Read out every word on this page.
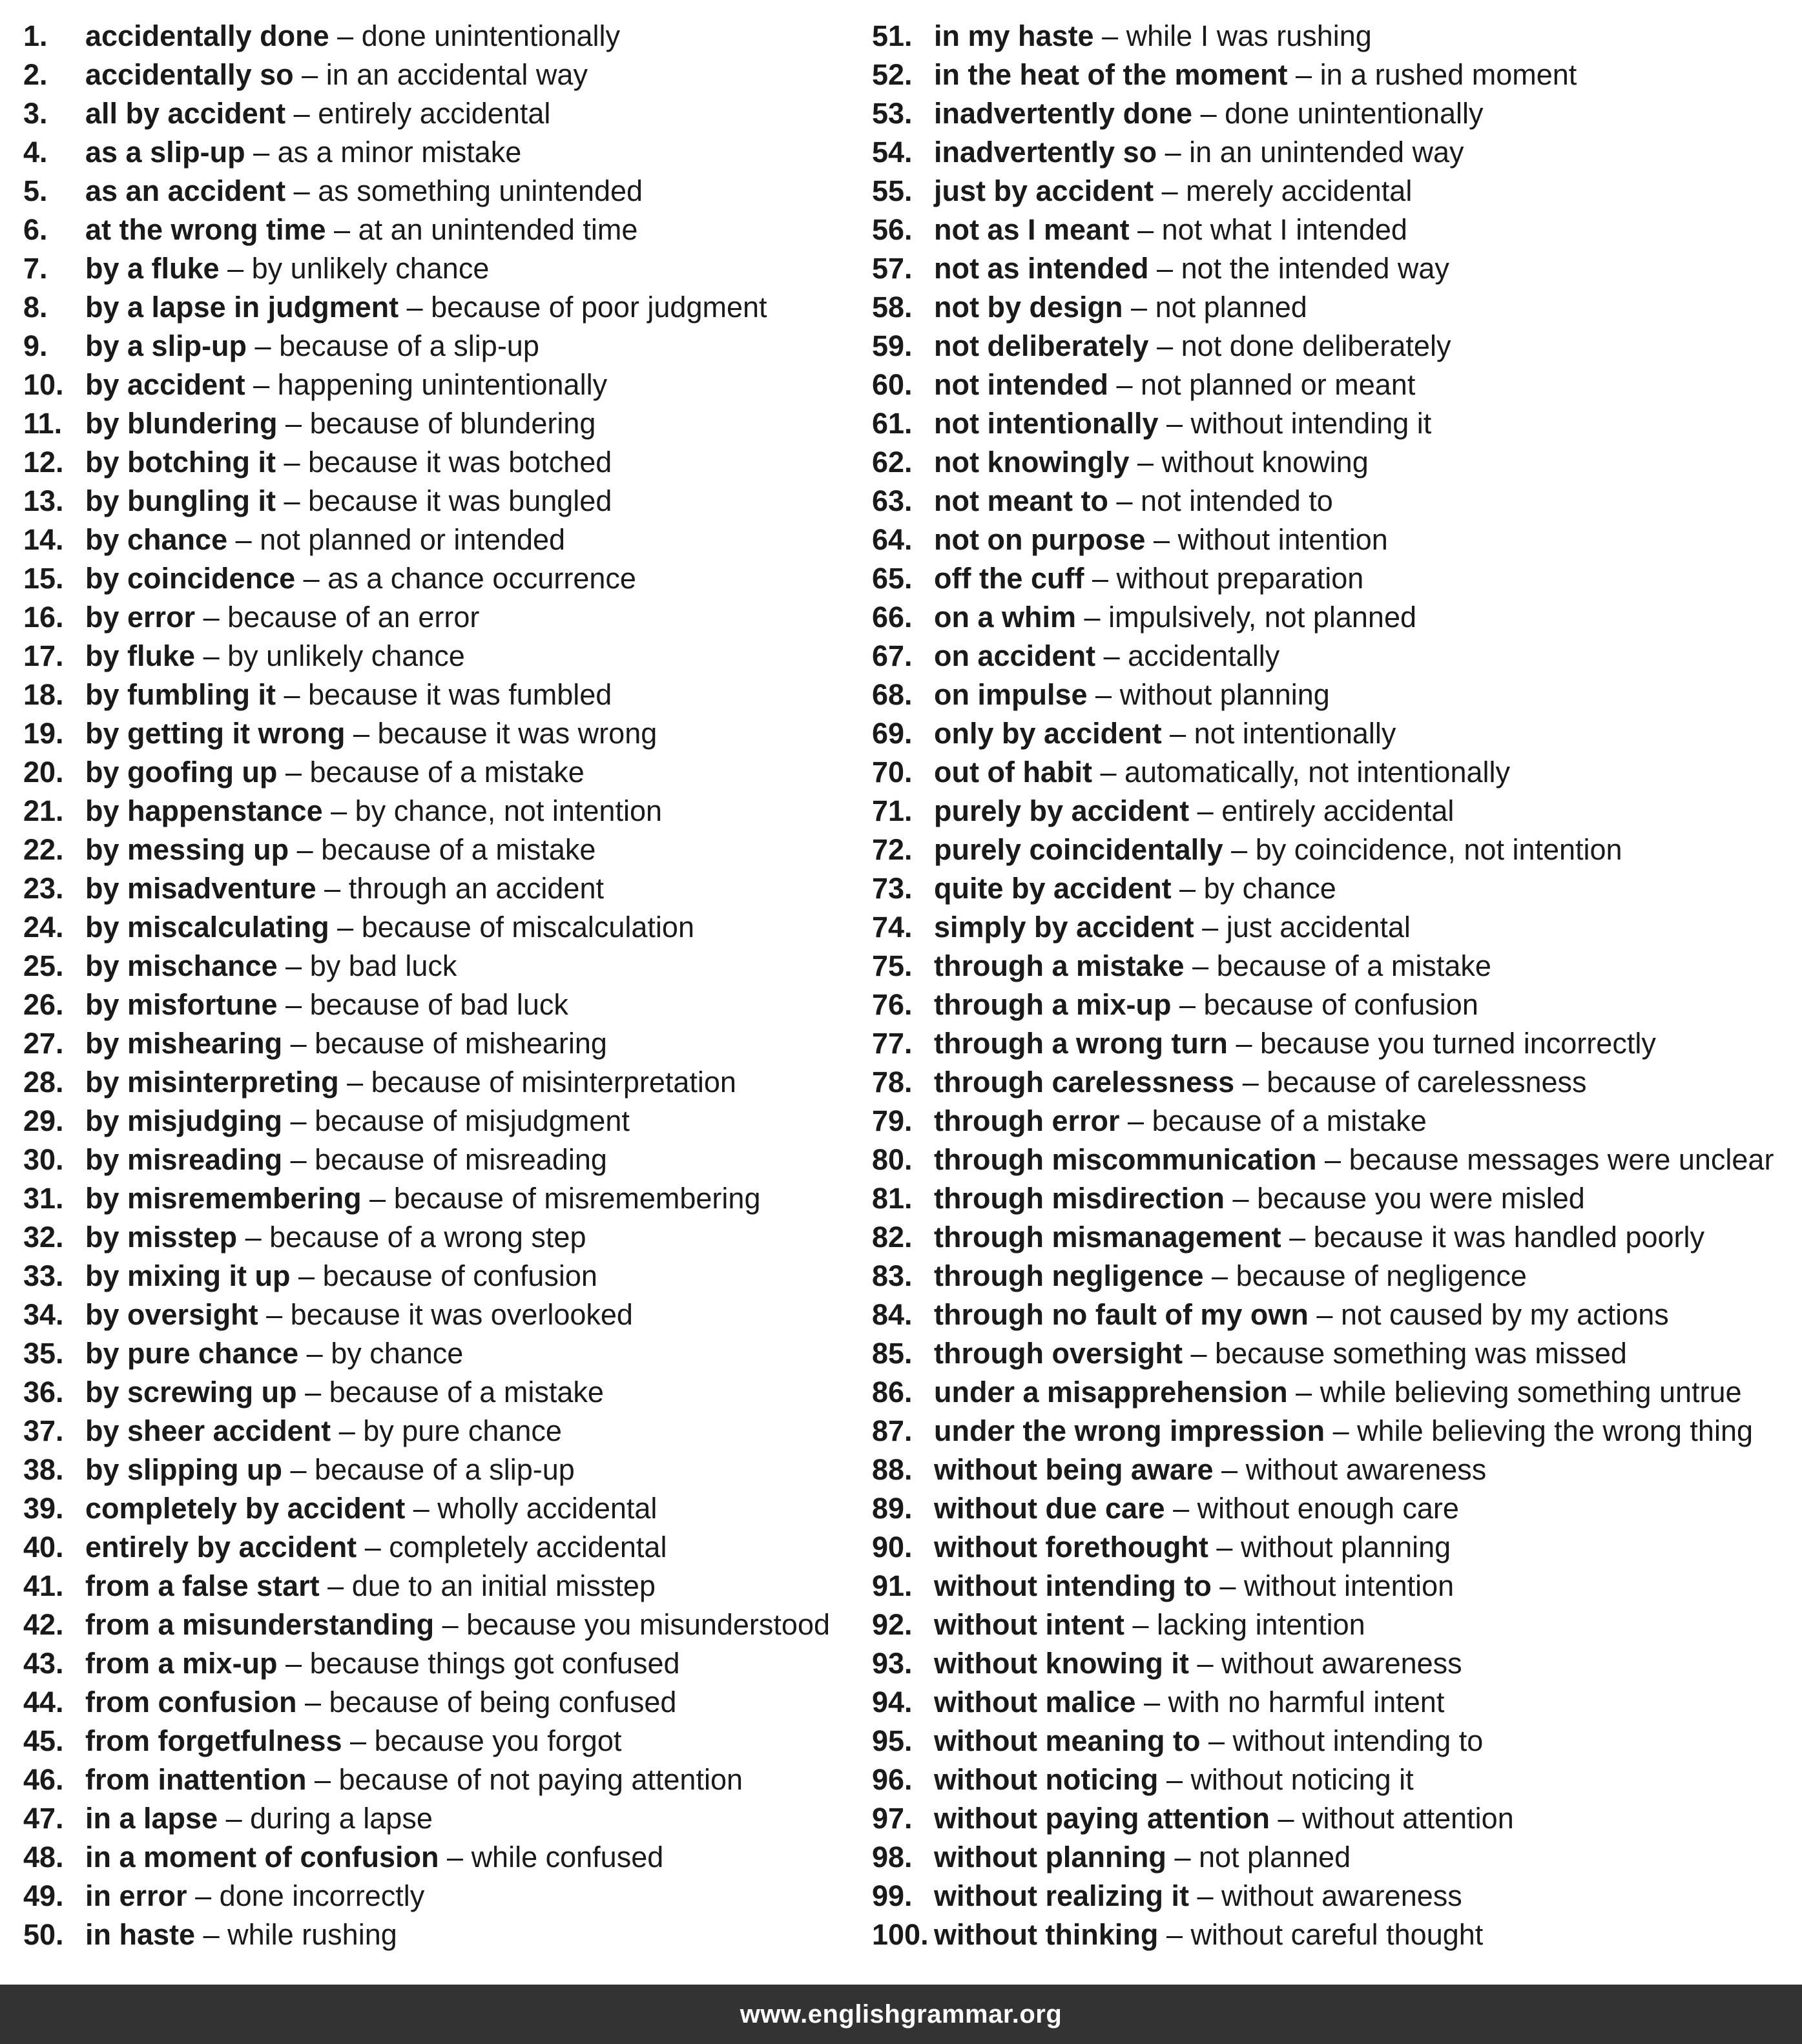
1. accidentally done – done unintentionally
2. accidentally so – in an accidental way
3. all by accident – entirely accidental
4. as a slip-up – as a minor mistake
5. as an accident – as something unintended
6. at the wrong time – at an unintended time
7. by a fluke – by unlikely chance
8. by a lapse in judgment – because of poor judgment
9. by a slip-up – because of a slip-up
10. by accident – happening unintentionally
11. by blundering – because of blundering
12. by botching it – because it was botched
13. by bungling it – because it was bungled
14. by chance – not planned or intended
15. by coincidence – as a chance occurrence
16. by error – because of an error
17. by fluke – by unlikely chance
18. by fumbling it – because it was fumbled
19. by getting it wrong – because it was wrong
20. by goofing up – because of a mistake
21. by happenstance – by chance, not intention
22. by messing up – because of a mistake
23. by misadventure – through an accident
24. by miscalculating – because of miscalculation
25. by mischance – by bad luck
26. by misfortune – because of bad luck
27. by mishearing – because of mishearing
28. by misinterpreting – because of misinterpretation
29. by misjudging – because of misjudgment
30. by misreading – because of misreading
31. by misremembering – because of misremembering
32. by misstep – because of a wrong step
33. by mixing it up – because of confusion
34. by oversight – because it was overlooked
35. by pure chance – by chance
36. by screwing up – because of a mistake
37. by sheer accident – by pure chance
38. by slipping up – because of a slip-up
39. completely by accident – wholly accidental
40. entirely by accident – completely accidental
41. from a false start – due to an initial misstep
42. from a misunderstanding – because you misunderstood
43. from a mix-up – because things got confused
44. from confusion – because of being confused
45. from forgetfulness – because you forgot
46. from inattention – because of not paying attention
47. in a lapse – during a lapse
48. in a moment of confusion – while confused
49. in error – done incorrectly
50. in haste – while rushing
51. in my haste – while I was rushing
52. in the heat of the moment – in a rushed moment
53. inadvertently done – done unintentionally
54. inadvertently so – in an unintended way
55. just by accident – merely accidental
56. not as I meant – not what I intended
57. not as intended – not the intended way
58. not by design – not planned
59. not deliberately – not done deliberately
60. not intended – not planned or meant
61. not intentionally – without intending it
62. not knowingly – without knowing
63. not meant to – not intended to
64. not on purpose – without intention
65. off the cuff – without preparation
66. on a whim – impulsively, not planned
67. on accident – accidentally
68. on impulse – without planning
69. only by accident – not intentionally
70. out of habit – automatically, not intentionally
71. purely by accident – entirely accidental
72. purely coincidentally – by coincidence, not intention
73. quite by accident – by chance
74. simply by accident – just accidental
75. through a mistake – because of a mistake
76. through a mix-up – because of confusion
77. through a wrong turn – because you turned incorrectly
78. through carelessness – because of carelessness
79. through error – because of a mistake
80. through miscommunication – because messages were unclear
81. through misdirection – because you were misled
82. through mismanagement – because it was handled poorly
83. through negligence – because of negligence
84. through no fault of my own – not caused by my actions
85. through oversight – because something was missed
86. under a misapprehension – while believing something untrue
87. under the wrong impression – while believing the wrong thing
88. without being aware – without awareness
89. without due care – without enough care
90. without forethought – without planning
91. without intending to – without intention
92. without intent – lacking intention
93. without knowing it – without awareness
94. without malice – with no harmful intent
95. without meaning to – without intending to
96. without noticing – without noticing it
97. without paying attention – without attention
98. without planning – not planned
99. without realizing it – without awareness
100. without thinking – without careful thought
www.englishgrammar.org
